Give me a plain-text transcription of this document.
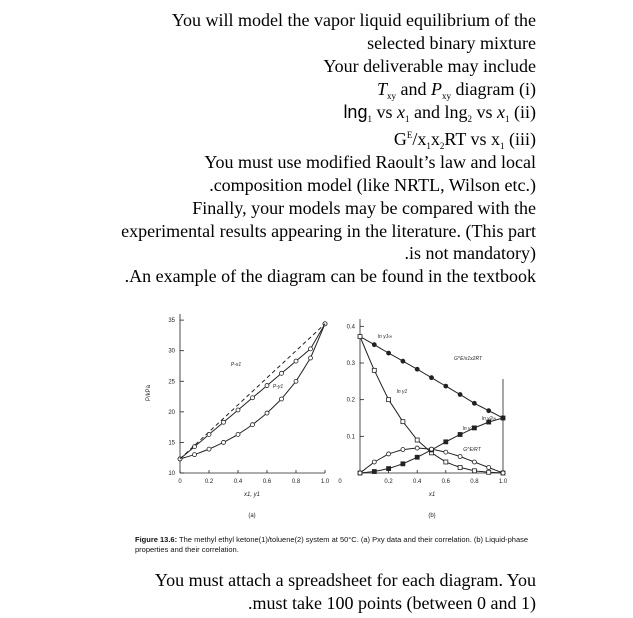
You will model the vapor liquid equilibrium of the
selected binary mixture
Your deliverable may include
$T_{xy}$ and $P_{xy}$ diagram (i)
lng$_1$ vs $x_1$ and lng$_2$ vs $x_1$ (ii)
$G^E/x_1x_2RT$ vs $x_1$ (iii)
You must use modified Raoult’s law and local
.composition model (like NRTL, Wilson etc.)
Finally, your models may be compared with the
experimental results appearing in the literature. (This part
.is not mandatory)
.An example of the diagram can be found in the textbook
10
15
20
25
30
35
0	0.2	0.4	0.6	0.8	1.0
P/kPa
x1, y1
(a)
P-x1
P-y1
0.1
0.2
0.3
0.4
0	0.2	0.4	0.6	0.8	1.0
x1
(b)
ln γ1∞
G^E/x1x2RT
ln γ1
ln γ2∞
ln γ2
G^E/RT
Figure 13.6: The methyl ethyl ketone(1)/toluene(2) system at 50°C. (a) Pxy data and their correlation. (b) Liquid-phase properties and their correlation.
You must attach a spreadsheet for each diagram. You
.must take 100 points (between 0 and 1)
